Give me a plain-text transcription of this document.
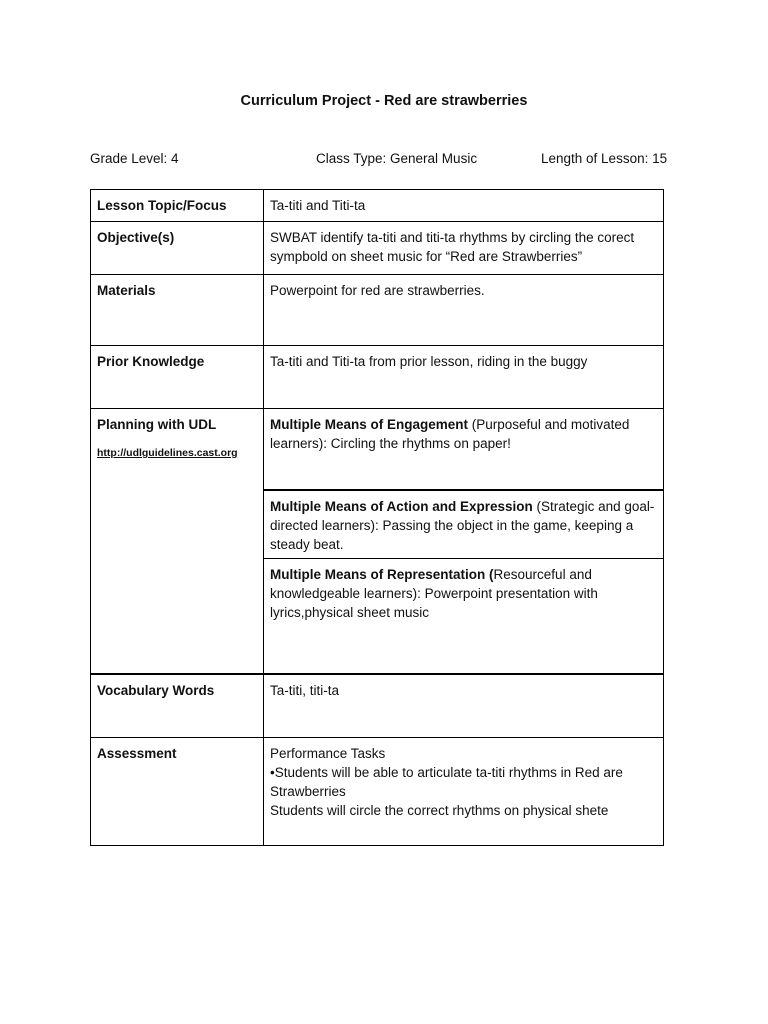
Curriculum Project - Red are strawberries
Grade Level: 4	Class Type: General Music	Length of Lesson: 15
Lesson Topic/Focus	Ta-titi and Titi-ta
Objective(s)	SWBAT identify ta-titi and titi-ta rhythms by circling the corect sympbold on sheet music for “Red are Strawberries”
Materials	Powerpoint for red are strawberries.
Prior Knowledge	Ta-titi and Titi-ta from prior lesson, riding in the buggy
Planning with UDL
http://udlguidelines.cast.org	Multiple Means of Engagement (Purposeful and motivated learners): Circling the rhythms on paper!
	Multiple Means of Action and Expression (Strategic and goal-directed learners): Passing the object in the game, keeping a steady beat.
	Multiple Means of Representation (Resourceful and knowledgeable learners): Powerpoint presentation with lyrics,physical sheet music
Vocabulary Words	Ta-titi, titi-ta
Assessment	Performance Tasks
•Students will be able to articulate ta-titi rhythms in Red are Strawberries
Students will circle the correct rhythms on physical shete
